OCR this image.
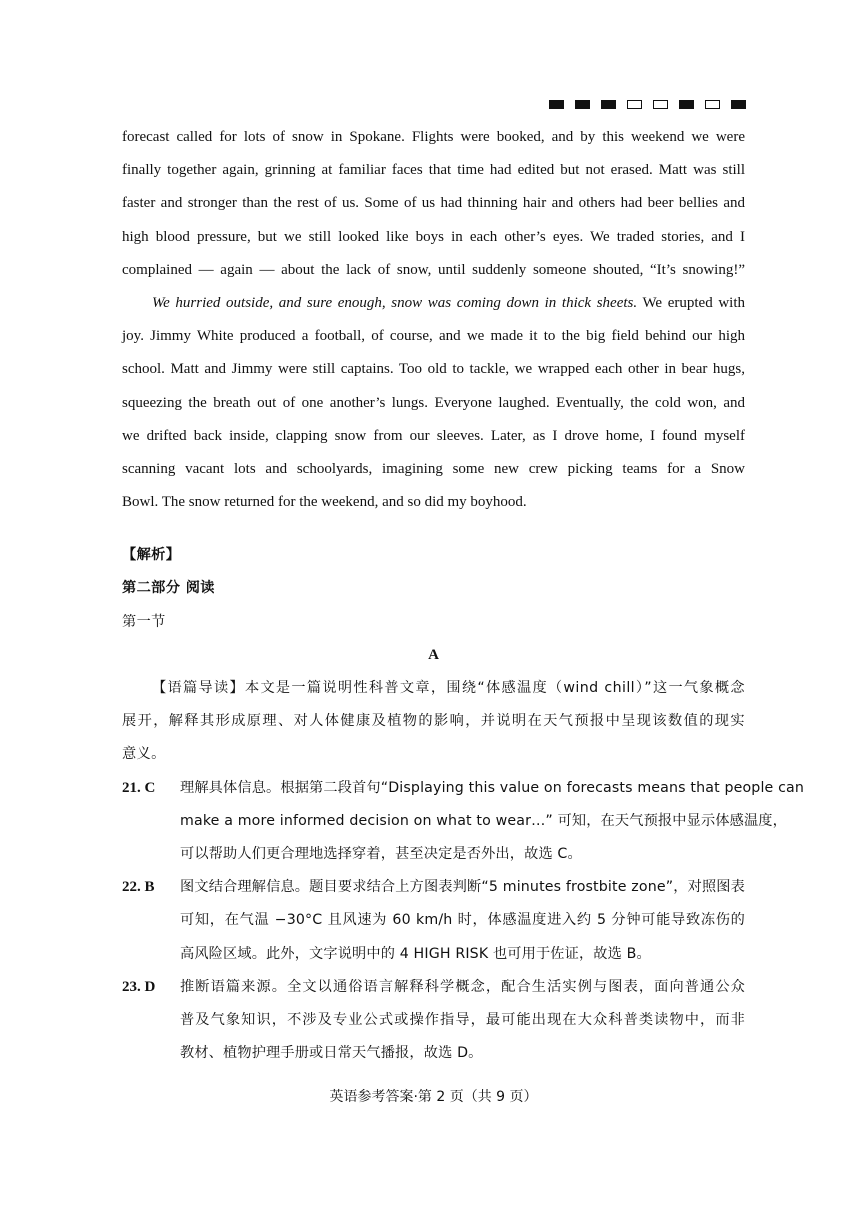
forecast called for lots of snow in Spokane. Flights were booked, and by this weekend we were
finally together again, grinning at familiar faces that time had edited but not erased. Matt was still
faster and stronger than the rest of us. Some of us had thinning hair and others had beer bellies and
high blood pressure, but we still looked like boys in each other’s eyes. We traded stories, and I
complained — again — about the lack of snow, until suddenly someone shouted, “It’s snowing!”
We hurried outside, and sure enough, snow was coming down in thick sheets. We erupted with
joy. Jimmy White produced a football, of course, and we made it to the big field behind our high
school. Matt and Jimmy were still captains. Too old to tackle, we wrapped each other in bear hugs,
squeezing the breath out of one another’s lungs. Everyone laughed. Eventually, the cold won, and
we drifted back inside, clapping snow from our sleeves. Later, as I drove home, I found myself
scanning vacant lots and schoolyards, imagining some new crew picking teams for a Snow
Bowl. The snow returned for the weekend, and so did my boyhood.
【解析】
第二部分 阅读
第一节
A
【语篇导读】本文是一篇说明性科普文章，围绕“体感温度（wind chill）”这一气象概念
展开，解释其形成原理、对人体健康及植物的影响，并说明在天气预报中呈现该数值的现实
意义。
21. C	理解具体信息。根据第二段首句“Displaying this value on forecasts means that people can
make a more informed decision on what to wear…” 可知，在天气预报中显示体感温度，
可以帮助人们更合理地选择穿着，甚至决定是否外出，故选 C。
22. B	图文结合理解信息。题目要求结合上方图表判断“5 minutes frostbite zone”，对照图表
可知，在气温 −30°C 且风速为 60 km/h 时，体感温度进入约 5 分钟可能导致冻伤的
高风险区域。此外，文字说明中的 4 HIGH RISK 也可用于佐证，故选 B。
23. D	推断语篇来源。全文以通俗语言解释科学概念，配合生活实例与图表，面向普通公众
普及气象知识，不涉及专业公式或操作指导，最可能出现在大众科普类读物中，而非
教材、植物护理手册或日常天气播报，故选 D。
英语参考答案·第 2 页（共 9 页）
